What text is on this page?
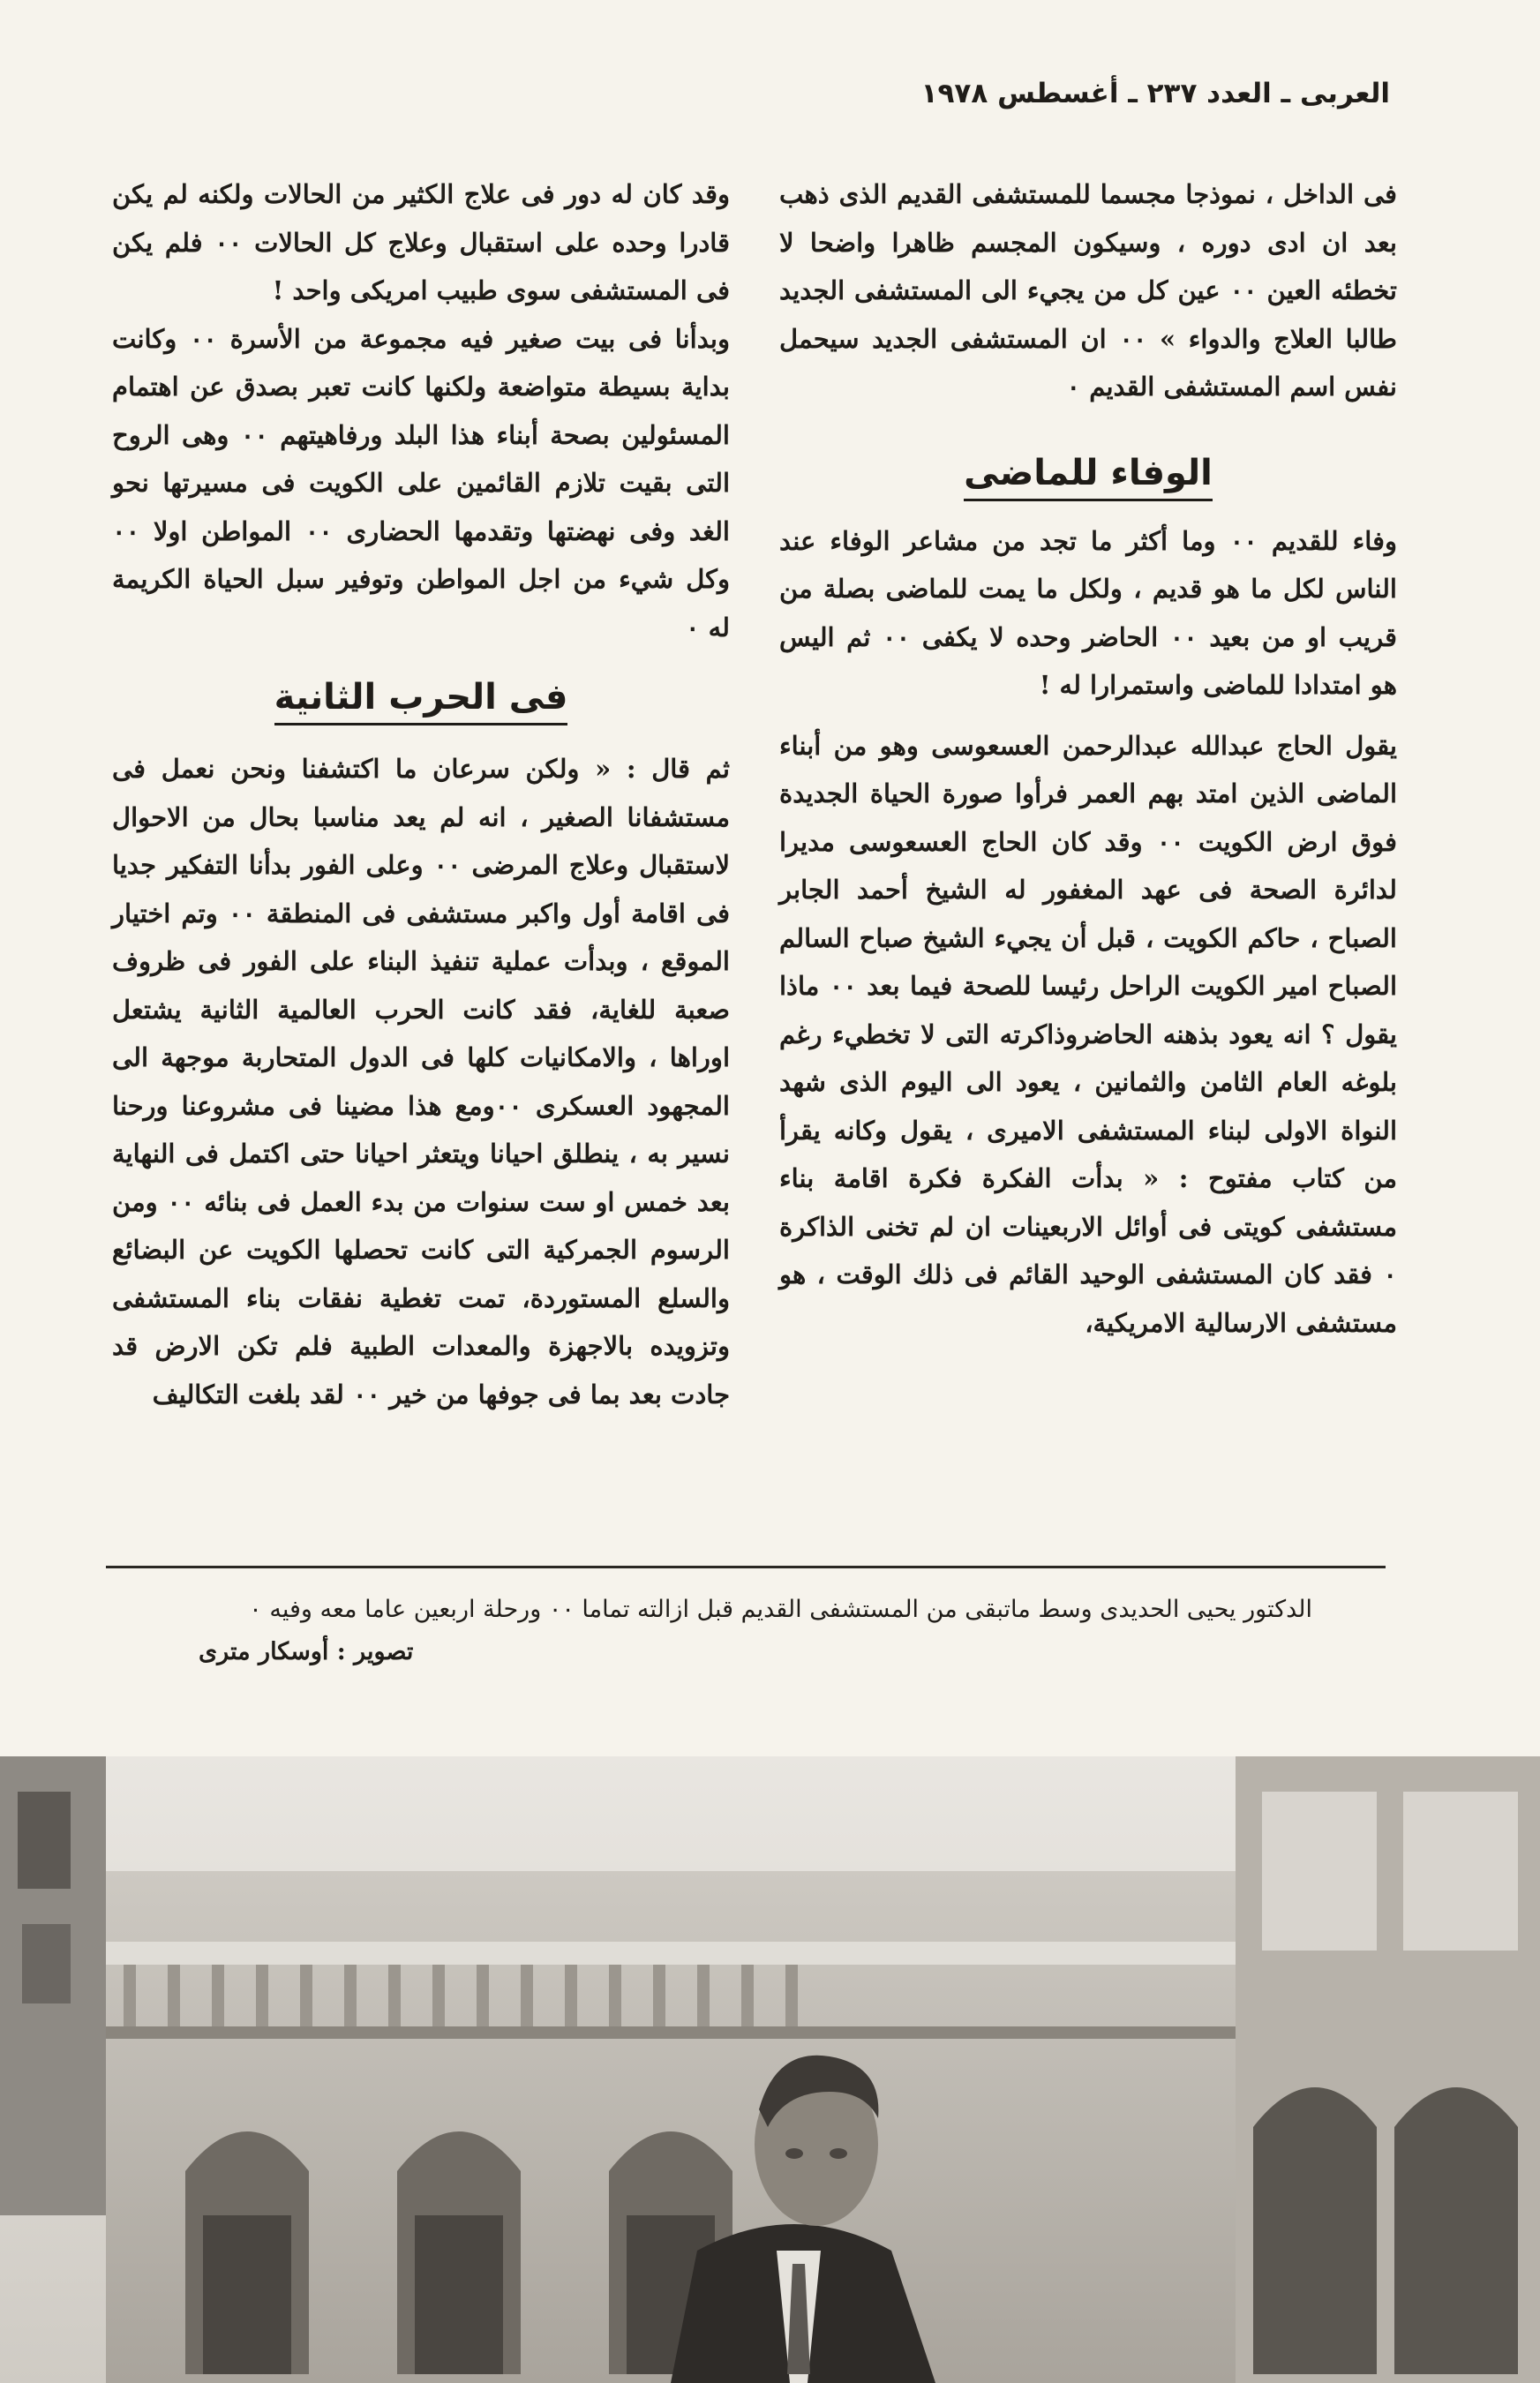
العربى ـ العدد ٢٣٧ ـ أغسطس ١٩٧٨

فى الداخل ، نموذجا مجسما للمستشفى القديم الذى ذهب بعد ان ادى دوره ، وسيكون المجسم ظاهرا واضحا لا تخطئه العين ٠٠ عين كل من يجيء الى المستشفى الجديد طالبا العلاج والدواء » ٠٠ ان المستشفى الجديد سيحمل نفس اسم المستشفى القديم ٠

الوفاء للماضى

وفاء للقديم ٠٠ وما أكثر ما تجد من مشاعر الوفاء عند الناس لكل ما هو قديم ، ولكل ما يمت للماضى بصلة من قريب او من بعيد ٠٠ الحاضر وحده لا يكفى ٠٠ ثم اليس هو امتدادا للماضى واستمرارا له !

يقول الحاج عبدالله عبدالرحمن العسعوسى وهو من أبناء الماضى الذين امتد بهم العمر فرأوا صورة الحياة الجديدة فوق ارض الكويت ٠٠ وقد كان الحاج العسعوسى مديرا لدائرة الصحة فى عهد المغفور له الشيخ أحمد الجابر الصباح ، حاكم الكويت ، قبل أن يجيء الشيخ صباح السالم الصباح امير الكويت الراحل رئيسا للصحة فيما بعد ٠٠ ماذا يقول ؟ انه يعود بذهنه الحاضروذاكرته التى لا تخطيء رغم بلوغه العام الثامن والثمانين ، يعود الى اليوم الذى شهد النواة الاولى لبناء المستشفى الاميرى ، يقول وكانه يقرأ من كتاب مفتوح : « بدأت الفكرة فكرة اقامة بناء مستشفى كويتى فى أوائل الاربعينات ان لم تخنى الذاكرة ٠ فقد كان المستشفى الوحيد القائم فى ذلك الوقت ، هو مستشفى الارسالية الامريكية،

وقد كان له دور فى علاج الكثير من الحالات ولكنه لم يكن قادرا وحده على استقبال وعلاج كل الحالات ٠٠ فلم يكن فى المستشفى سوى طبيب امريكى واحد !

وبدأنا فى بيت صغير فيه مجموعة من الأسرة ٠٠ وكانت بداية بسيطة متواضعة ولكنها كانت تعبر بصدق عن اهتمام المسئولين بصحة أبناء هذا البلد ورفاهيتهم ٠٠ وهى الروح التى بقيت تلازم القائمين على الكويت فى مسيرتها نحو الغد وفى نهضتها وتقدمها الحضارى ٠٠ المواطن اولا ٠٠ وكل شيء من اجل المواطن وتوفير سبل الحياة الكريمة له ٠

فى الحرب الثانية

ثم قال : « ولكن سرعان ما اكتشفنا ونحن نعمل فى مستشفانا الصغير ، انه لم يعد مناسبا بحال من الاحوال لاستقبال وعلاج المرضى ٠٠ وعلى الفور بدأنا التفكير جديا فى اقامة أول واكبر مستشفى فى المنطقة ٠٠ وتم اختيار الموقع ، وبدأت عملية تنفيذ البناء على الفور فى ظروف صعبة للغاية، فقد كانت الحرب العالمية الثانية يشتعل اوراها ، والامكانيات كلها فى الدول المتحاربة موجهة الى المجهود العسكرى ٠٠ومع هذا مضينا فى مشروعنا ورحنا نسير به ، ينطلق احيانا ويتعثر احيانا حتى اكتمل فى النهاية بعد خمس او ست سنوات من بدء العمل فى بنائه ٠٠ ومن الرسوم الجمركية التى كانت تحصلها الكويت عن البضائع والسلع المستوردة، تمت تغطية نفقات بناء المستشفى وتزويده بالاجهزة والمعدات الطبية فلم تكن الارض قد جادت بعد بما فى جوفها من خير ٠٠ لقد بلغت التكاليف

الدكتور يحيى الحديدى وسط ماتبقى من المستشفى القديم قبل ازالته تماما ٠٠ ورحلة اربعين عاما معه وفيه ٠
تصوير : أوسكار مترى
